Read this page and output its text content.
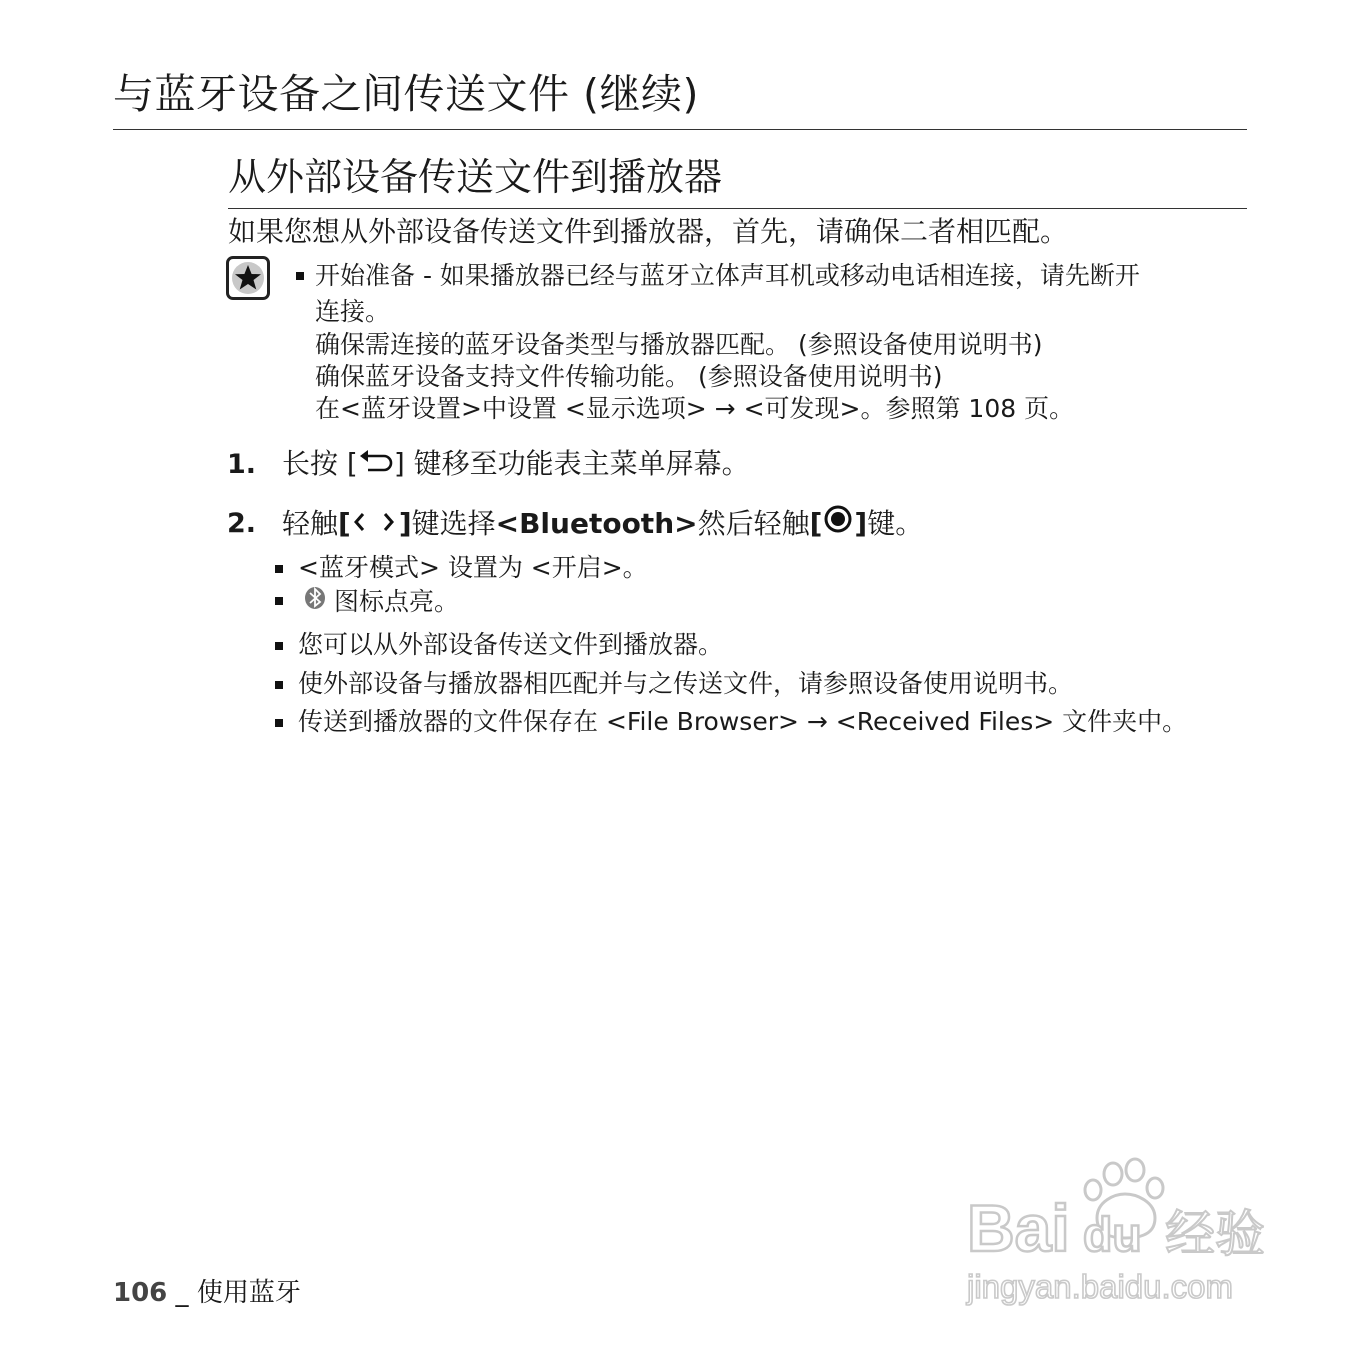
与蓝牙设备之间传送文件 (继续)
从外部设备传送文件到播放器
如果您想从外部设备传送文件到播放器，首先，请确保二者相匹配。
开始准备 - 如果播放器已经与蓝牙立体声耳机或移动电话相连接，请先断开
连接。
确保需连接的蓝牙设备类型与播放器匹配。 (参照设备使用说明书)
确保蓝牙设备支持文件传输功能。 (参照设备使用说明书)
在<蓝牙设置>中设置 <显示选项> → <可发现>。参照第 108 页。
1. 长按 [ ] 键移至功能表主菜单屏幕。
2. 轻触 [ ] 键选择 <Bluetooth> 然后轻触 [ ] 键。
<蓝牙模式> 设置为 <开启>。
图标点亮。
您可以从外部设备传送文件到播放器。
使外部设备与播放器相匹配并与之传送文件，请参照设备使用说明书。
传送到播放器的文件保存在 <File Browser> → <Received Files> 文件夹中。
106 _ 使用蓝牙
Bai du 经验
jingyan.baidu.com
